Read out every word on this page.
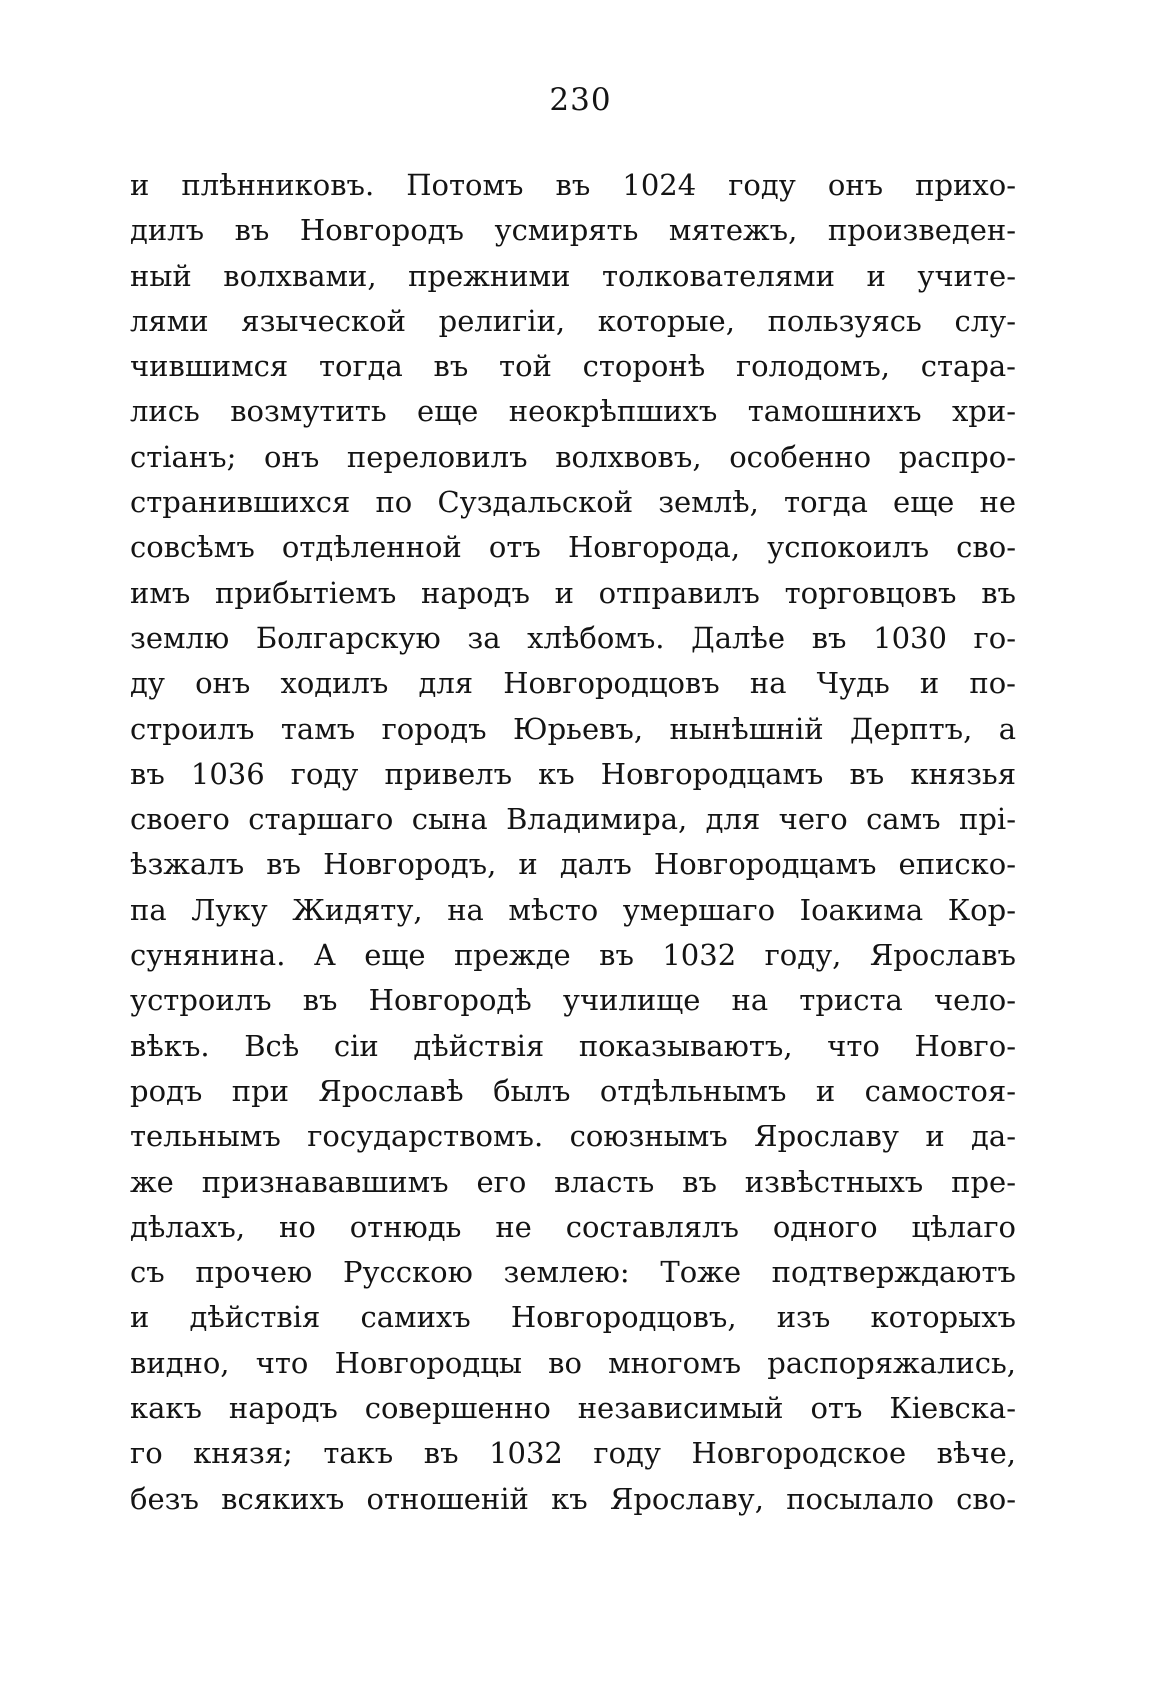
230
и плѣнниковъ. Потомъ въ 1024 году онъ прихо-
дилъ въ Новгородъ усмирять мятежъ, произведен-
ный волхвами, прежними толкователями и учите-
лями языческой религіи, которые, пользуясь слу-
чившимся тогда въ той сторонѣ голодомъ, стара-
лись возмутить еще неокрѣпшихъ тамошнихъ хри-
стіанъ; онъ переловилъ волхвовъ, особенно распро-
странившихся по Суздальской землѣ, тогда еще не
совсѣмъ отдѣленной отъ Новгорода, успокоилъ сво-
имъ прибытіемъ народъ и отправилъ торговцовъ въ
землю Болгарскую за хлѣбомъ. Далѣе въ 1030 го-
ду онъ ходилъ для Новгородцовъ на Чудь и по-
строилъ тамъ городъ Юрьевъ, нынѣшній Дерптъ, а
въ 1036 году привелъ къ Новгородцамъ въ князья
своего старшаго сына Владимира, для чего самъ прі-
ѣзжалъ въ Новгородъ, и далъ Новгородцамъ еписко-
па Луку Жидяту, на мѣсто умершаго Іоакима Кор-
сунянина. А еще прежде въ 1032 году, Ярославъ
устроилъ въ Новгородѣ училище на триста чело-
вѣкъ. Всѣ сіи дѣйствія показываютъ, что Новго-
родъ при Ярославѣ былъ отдѣльнымъ и самостоя-
тельнымъ государствомъ. союзнымъ Ярославу и да-
же признававшимъ его власть въ извѣстныхъ пре-
дѣлахъ, но отнюдь не составлялъ одного цѣлаго
съ прочею Русскою землею: Тоже подтверждаютъ
и дѣйствія самихъ Новгородцовъ, изъ которыхъ
видно, что Новгородцы во многомъ распоряжались,
какъ народъ совершенно независимый отъ Кіевска-
го князя; такъ въ 1032 году Новгородское вѣче,
безъ всякихъ отношеній къ Ярославу, посылало сво-
